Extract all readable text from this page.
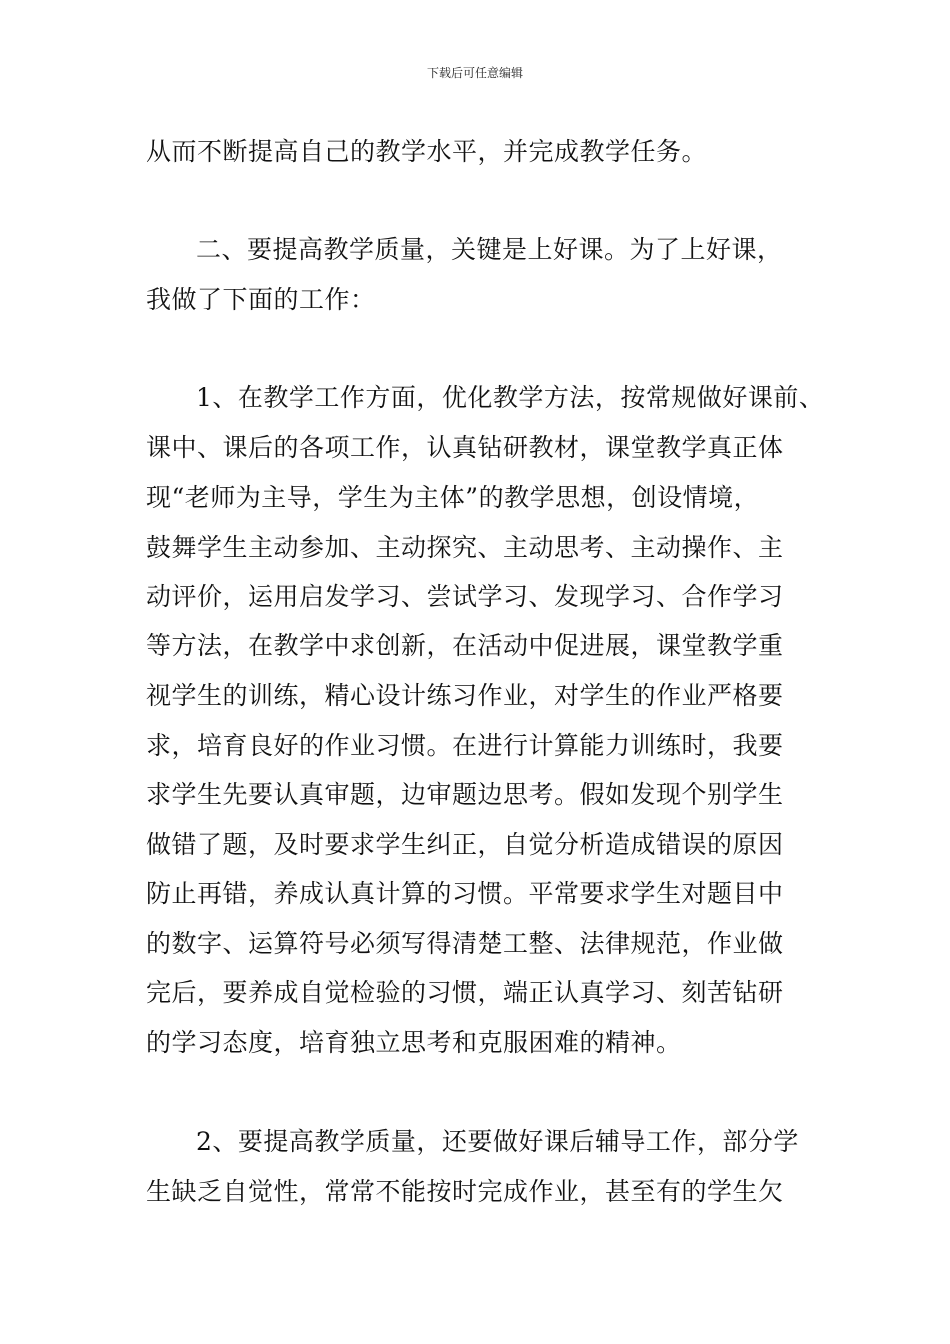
下载后可任意编辑
从而不断提高自己的教学水平，并完成教学任务。
二、要提高教学质量，关键是上好课。为了上好课，
我做了下面的工作：
1、在教学工作方面，优化教学方法，按常规做好课前、
课中、课后的各项工作，认真钻研教材，课堂教学真正体
现“老师为主导，学生为主体”的教学思想，创设情境，
鼓舞学生主动参加、主动探究、主动思考、主动操作、主
动评价，运用启发学习、尝试学习、发现学习、合作学习
等方法，在教学中求创新，在活动中促进展，课堂教学重
视学生的训练，精心设计练习作业，对学生的作业严格要
求，培育良好的作业习惯。在进行计算能力训练时，我要
求学生先要认真审题，边审题边思考。假如发现个别学生
做错了题，及时要求学生纠正，自觉分析造成错误的原因
防止再错，养成认真计算的习惯。平常要求学生对题目中
的数字、运算符号必须写得清楚工整、法律规范，作业做
完后，要养成自觉检验的习惯，端正认真学习、刻苦钻研
的学习态度，培育独立思考和克服困难的精神。
2、要提高教学质量，还要做好课后辅导工作，部分学
生缺乏自觉性，常常不能按时完成作业，甚至有的学生欠
